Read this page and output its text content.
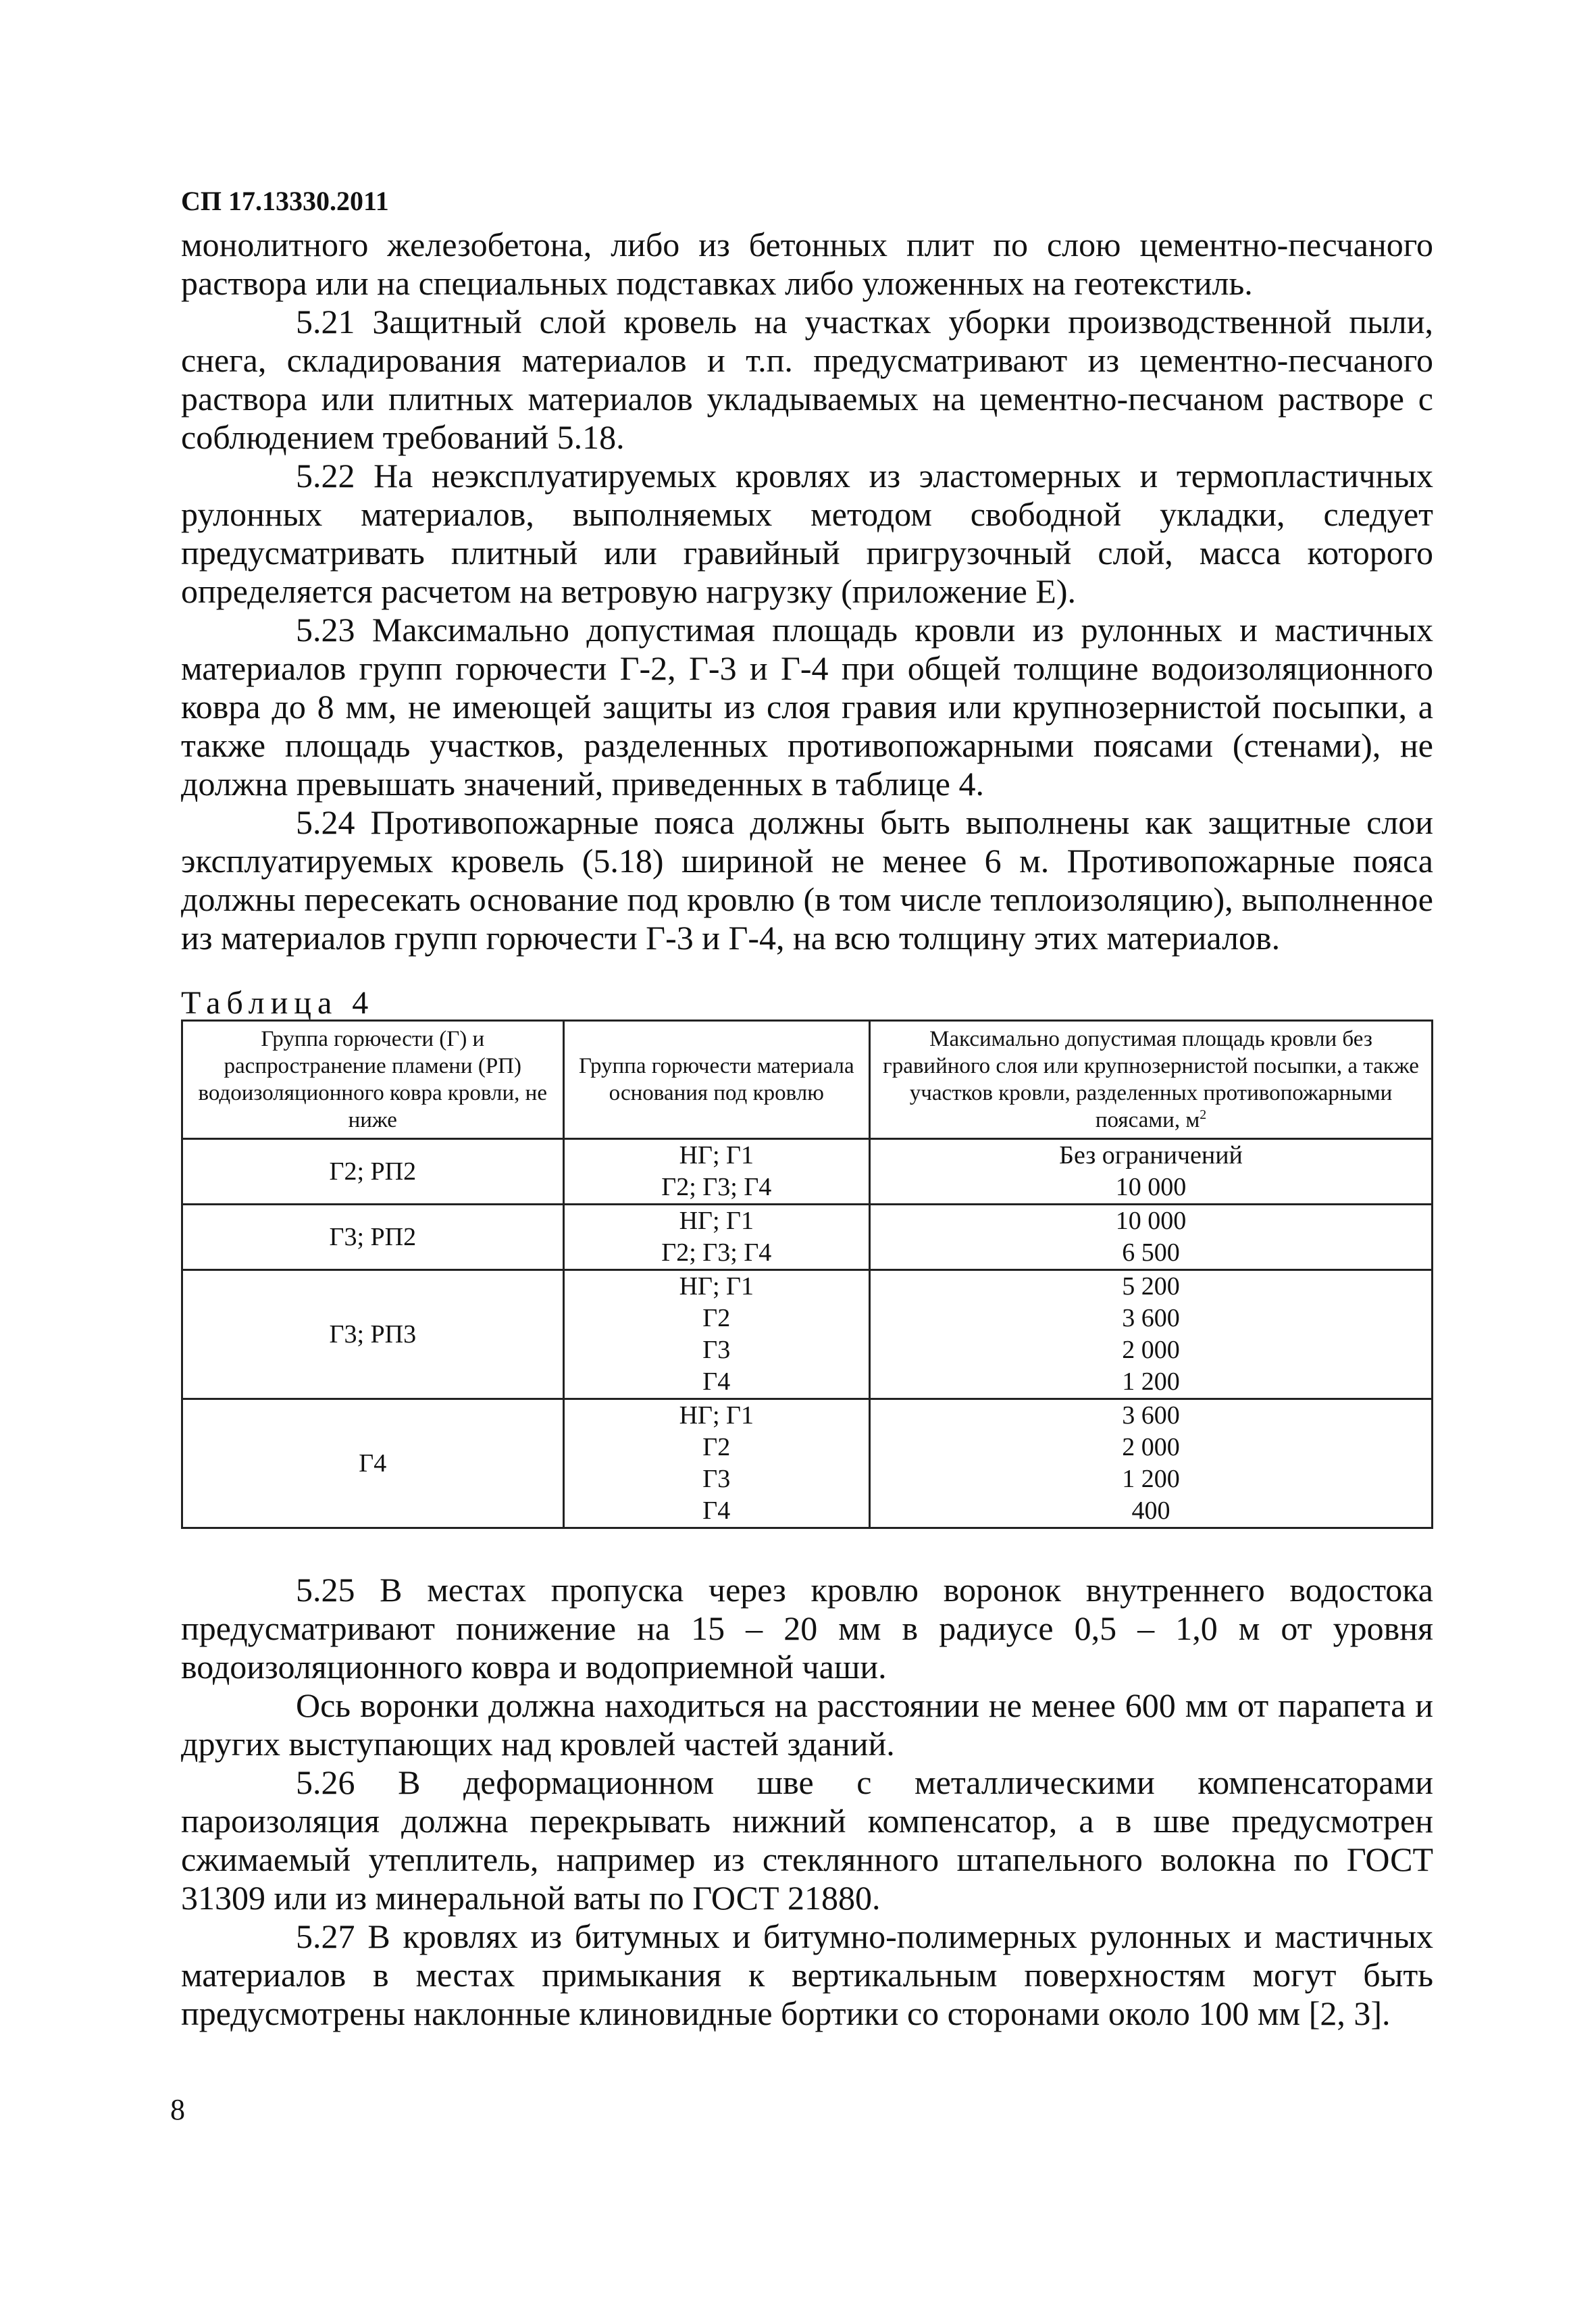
СП 17.13330.2011

монолитного железобетона, либо из бетонных плит по слою цементно-песчаного раствора или на специальных подставках либо уложенных на геотекстиль.

5.21 Защитный слой кровель на участках уборки производственной пыли, снега, складирования материалов и т.п. предусматривают из цементно-песчаного раствора или плитных материалов укладываемых на цементно-песчаном растворе с соблюдением требований 5.18.

5.22 На неэксплуатируемых кровлях из эластомерных и термопластичных рулонных материалов, выполняемых методом свободной укладки, следует предусматривать плитный или гравийный пригрузочный слой, масса которого определяется расчетом на ветровую нагрузку (приложение Е).

5.23 Максимально допустимая площадь кровли из рулонных и мастичных материалов групп горючести Г-2, Г-3 и Г-4 при общей толщине водоизоляционного ковра до 8 мм, не имеющей защиты из слоя гравия или крупнозернистой посыпки, а также площадь участков, разделенных противопожарными поясами (стенами), не должна превышать значений, приведенных в таблице 4.

5.24 Противопожарные пояса должны быть выполнены как защитные слои эксплуатируемых кровель (5.18) шириной не менее 6 м. Противопожарные пояса должны пересекать основание под кровлю (в том числе теплоизоляцию), выполненное из материалов групп горючести Г-3 и Г-4, на всю толщину этих материалов.

Таблица 4
Группа горючести (Г) и распространение пламени (РП) водоизоляционного ковра кровли, не ниже	Группа горючести материала основания под кровлю	Максимально допустимая площадь кровли без гравийного слоя или крупнозернистой посыпки, а также участков кровли, разделенных противопожарными поясами, $м^2$
Г2; РП2	НГ; Г1	Без ограничений
	Г2; Г3; Г4	10 000
Г3; РП2	НГ; Г1	10 000
	Г2; Г3; Г4	6 500
Г3; РП3	НГ; Г1	5 200
	Г2	3 600
	Г3	2 000
	Г4	1 200
Г4	НГ; Г1	3 600
	Г2	2 000
	Г3	1 200
	Г4	400

5.25 В местах пропуска через кровлю воронок внутреннего водостока предусматривают понижение на 15 – 20 мм в радиусе 0,5 – 1,0 м от уровня водоизоляционного ковра и водоприемной чаши.

Ось воронки должна находиться на расстоянии не менее 600 мм от парапета и других выступающих над кровлей частей зданий.

5.26 В деформационном шве с металлическими компенсаторами пароизоляция должна перекрывать нижний компенсатор, а в шве предусмотрен сжимаемый утеплитель, например из стеклянного штапельного волокна по ГОСТ 31309 или из минеральной ваты по ГОСТ 21880.

5.27 В кровлях из битумных и битумно-полимерных рулонных и мастичных материалов в местах примыкания к вертикальным поверхностям могут быть предусмотрены наклонные клиновидные бортики со сторонами около 100 мм [2, 3].

8
